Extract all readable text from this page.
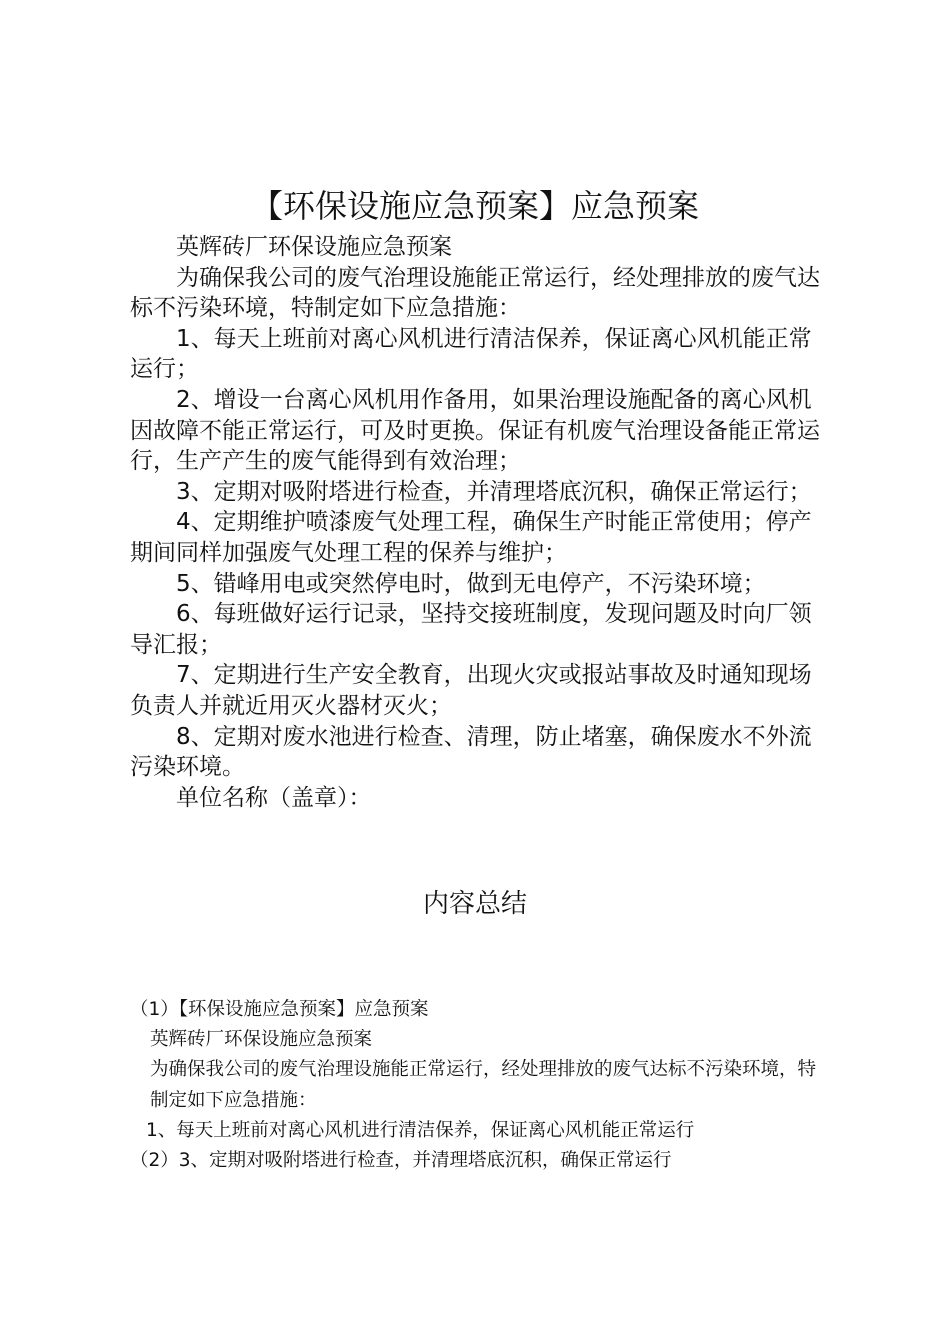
【环保设施应急预案】应急预案

英辉砖厂环保设施应急预案

为确保我公司的废气治理设施能正常运行，经处理排放的废气达标不污染环境，特制定如下应急措施：

1、每天上班前对离心风机进行清洁保养，保证离心风机能正常运行；

2、增设一台离心风机用作备用，如果治理设施配备的离心风机因故障不能正常运行，可及时更换。保证有机废气治理设备能正常运行，生产产生的废气能得到有效治理；

3、定期对吸附塔进行检查，并清理塔底沉积，确保正常运行；

4、定期维护喷漆废气处理工程，确保生产时能正常使用；停产期间同样加强废气处理工程的保养与维护；

5、错峰用电或突然停电时，做到无电停产，不污染环境；

6、每班做好运行记录，坚持交接班制度，发现问题及时向厂领导汇报；

7、定期进行生产安全教育，出现火灾或报站事故及时通知现场负责人并就近用灭火器材灭火；

8、定期对废水池进行检查、清理，防止堵塞，确保废水不外流污染环境。

单位名称（盖章）：

内容总结

（1）【环保设施应急预案】应急预案

英辉砖厂环保设施应急预案

为确保我公司的废气治理设施能正常运行，经处理排放的废气达标不污染环境，特制定如下应急措施：

1、每天上班前对离心风机进行清洁保养，保证离心风机能正常运行

（2）3、定期对吸附塔进行检查，并清理塔底沉积，确保正常运行
